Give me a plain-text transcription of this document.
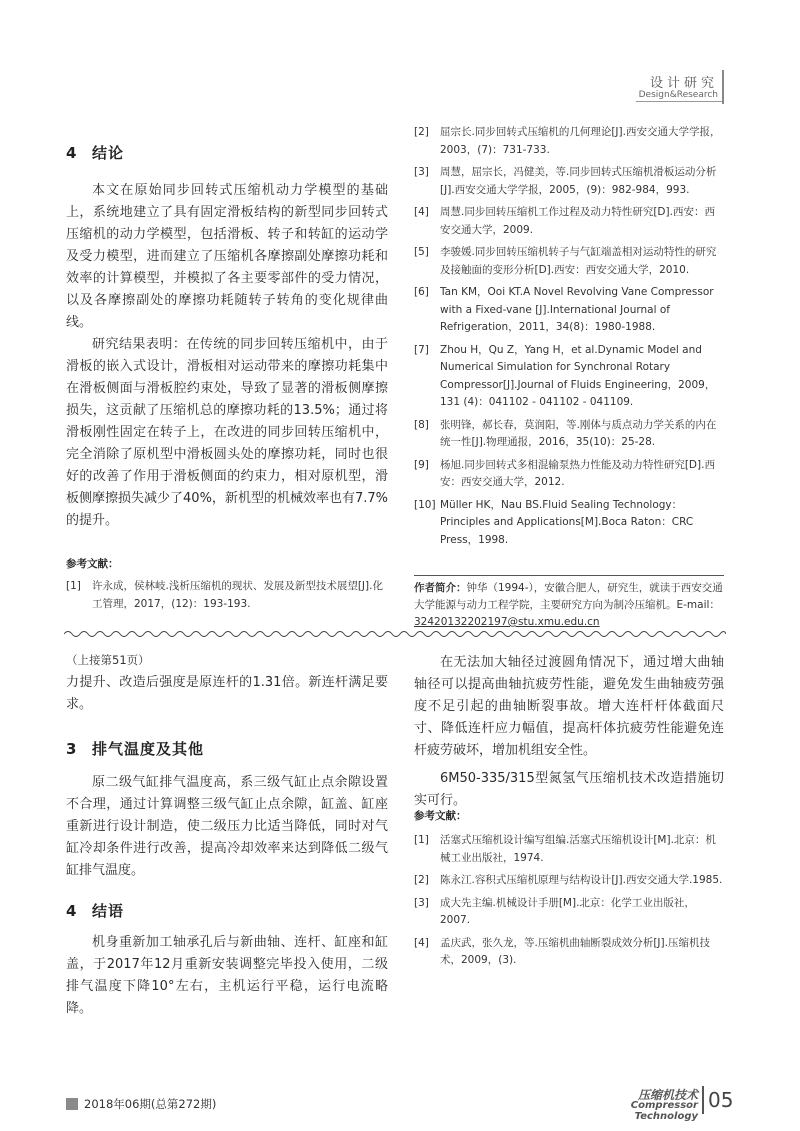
设计研究
Design&Research
4 结论

本文在原始同步回转式压缩机动力学模型的基础上，系统地建立了具有固定滑板结构的新型同步回转式压缩机的动力学模型，包括滑板、转子和转缸的运动学及受力模型，进而建立了压缩机各摩擦副处摩擦功耗和效率的计算模型，并模拟了各主要零部件的受力情况，以及各摩擦副处的摩擦功耗随转子转角的变化规律曲线。

研究结果表明：在传统的同步回转压缩机中，由于滑板的嵌入式设计，滑板相对运动带来的摩擦功耗集中在滑板侧面与滑板腔约束处，导致了显著的滑板侧摩擦损失，这贡献了压缩机总的摩擦功耗的13.5%；通过将滑板刚性固定在转子上，在改进的同步回转压缩机中，完全消除了原机型中滑板圆头处的摩擦功耗，同时也很好的改善了作用于滑板侧面的约束力，相对原机型，滑板侧摩擦损失减少了40%，新机型的机械效率也有7.7%的提升。

参考文献：
[1]	许永成，侯林岐.浅析压缩机的现状、发展及新型技术展望[J].化工管理，2017，(12)：193-193.
[2]	屈宗长.同步回转式压缩机的几何理论[J].西安交通大学学报，2003，(7)：731-733.
[3]	周慧，屈宗长，冯健美，等.同步回转式压缩机滑板运动分析[J].西安交通大学学报，2005，(9)：982-984，993.
[4]	周慧.同步回转压缩机工作过程及动力特性研究[D].西安：西安交通大学，2009.
[5]	李骏媛.同步回转压缩机转子与气缸端盖相对运动特性的研究及接触面的变形分析[D].西安：西安交通大学，2010.
[6]	Tan KM，Ooi KT.A Novel Revolving Vane Compressor with a Fixed-vane [J].International Journal of Refrigeration，2011，34(8)：1980-1988.
[7]	Zhou H，Qu Z，Yang H，et al.Dynamic Model and Numerical Simulation for Synchronal Rotary Compressor[J].Journal of Fluids Engineering，2009，131 (4)：041102 - 041102 - 041109.
[8]	张明锋，郝长春，莫润阳，等.刚体与质点动力学关系的内在统一性[J].物理通报，2016，35(10)：25-28.
[9]	杨旭.同步回转式多相混输泵热力性能及动力特性研究[D].西安：西安交通大学，2012.
[10] Müller HK，Nau BS.Fluid Sealing Technology：Principles and Applications[M].Boca Raton：CRC Press，1998.
作者简介：钟华（1994-），安徽合肥人，研究生，就读于西安交通大学能源与动力工程学院，主要研究方向为制冷压缩机。E-mail：
3242013220​2197@stu.xmu.edu.cn
（上接第51页）

力提升、改造后强度是原连杆的1.31倍。新连杆满足要求。

3 排气温度及其他

原二级气缸排气温度高，系三级气缸止点余隙设置不合理，通过计算调整三级气缸止点余隙，缸盖、缸座重新进行设计制造，使二级压力比适当降低，同时对气缸冷却条件进行改善，提高冷却效率来达到降低二级气缸排气温度。

4 结语

机身重新加工轴承孔后与新曲轴、连杆、缸座和缸盖，于2017年12月重新安装调整完毕投入使用，二级排气温度下降10°左右，主机运行平稳，运行电流略降。

在无法加大轴径过渡圆角情况下，通过增大曲轴轴径可以提高曲轴抗疲劳性能，避免发生曲轴疲劳强度不足引起的曲轴断裂事故。增大连杆杆体截面尺寸、降低连杆应力幅值，提高杆体抗疲劳性能避免连杆疲劳破坏，增加机组安全性。

6M50-335/315型氮氢气压缩机技术改造措施切实可行。

参考文献：
[1]	活塞式压缩机设计编写组编.活塞式压缩机设计[M].北京：机械工业出版社，1974.
[2]	陈永江.容积式压缩机原理与结构设计[J].西安交通大学.1985.
[3]	成大先主编.机械设计手册[M].北京：化学工业出版社，2007.
[4]	孟庆武，张久龙，等.压缩机曲轴断裂成效分析[J].压缩机技术，2009，(3).
2018年06期(总第272期)
压缩机技术
Compressor Technology
05
